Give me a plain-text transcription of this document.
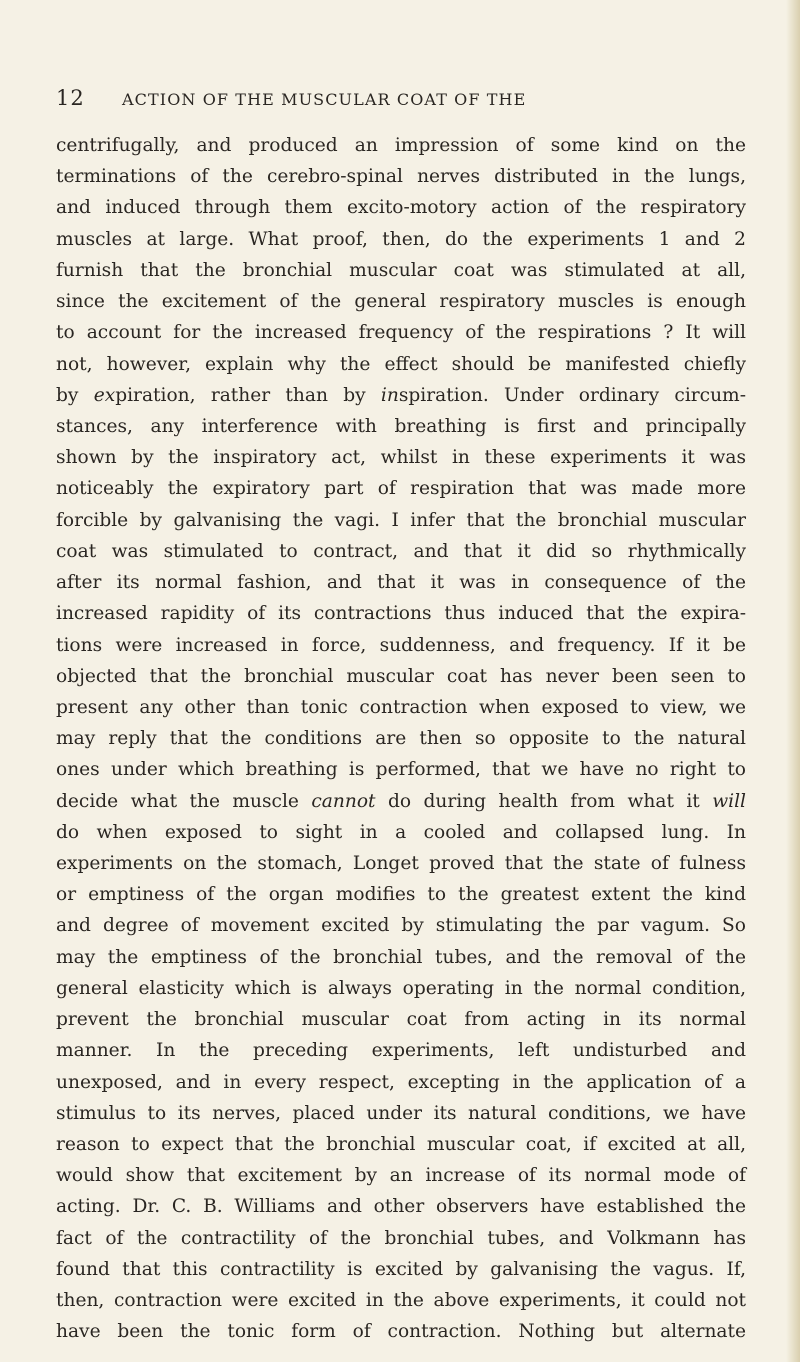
12 ACTION OF THE MUSCULAR COAT OF THE
centrifugally, and produced an impression of some kind on the
terminations of the cerebro-spinal nerves distributed in the lungs,
and induced through them excito-motory action of the respiratory
muscles at large. What proof, then, do the experiments 1 and 2
furnish that the bronchial muscular coat was stimulated at all,
since the excitement of the general respiratory muscles is enough
to account for the increased frequency of the respirations ? It will
not, however, explain why the effect should be manifested chiefly
by expiration, rather than by inspiration. Under ordinary circum-
stances, any interference with breathing is first and principally
shown by the inspiratory act, whilst in these experiments it was
noticeably the expiratory part of respiration that was made more
forcible by galvanising the vagi. I infer that the bronchial muscular
coat was stimulated to contract, and that it did so rhythmically
after its normal fashion, and that it was in consequence of the
increased rapidity of its contractions thus induced that the expira-
tions were increased in force, suddenness, and frequency. If it be
objected that the bronchial muscular coat has never been seen to
present any other than tonic contraction when exposed to view, we
may reply that the conditions are then so opposite to the natural
ones under which breathing is performed, that we have no right to
decide what the muscle cannot do during health from what it will
do when exposed to sight in a cooled and collapsed lung. In
experiments on the stomach, Longet proved that the state of fulness
or emptiness of the organ modifies to the greatest extent the kind
and degree of movement excited by stimulating the par vagum. So
may the emptiness of the bronchial tubes, and the removal of the
general elasticity which is always operating in the normal condition,
prevent the bronchial muscular coat from acting in its normal
manner. In the preceding experiments, left undisturbed and
unexposed, and in every respect, excepting in the application of a
stimulus to its nerves, placed under its natural conditions, we have
reason to expect that the bronchial muscular coat, if excited at all,
would show that excitement by an increase of its normal mode of
acting. Dr. C. B. Williams and other observers have established the
fact of the contractility of the bronchial tubes, and Volkmann has
found that this contractility is excited by galvanising the vagus. If,
then, contraction were excited in the above experiments, it could not
have been the tonic form of contraction. Nothing but alternate
